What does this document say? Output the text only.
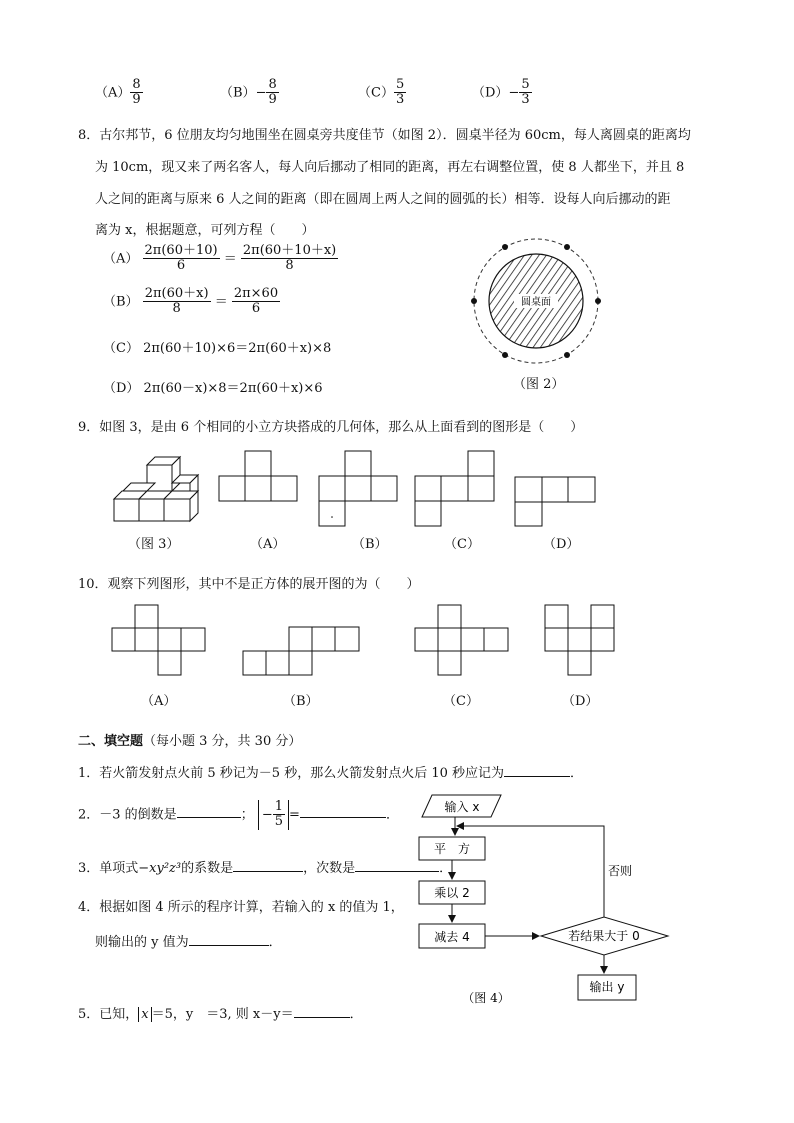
$(A) \frac{8}{9}$	$(B)- \frac{8}{9}$	$(C) \frac{5}{3}$	$(D)- \frac{5}{3}$
8．古尔邦节，6 位朋友均匀地围坐在圆桌旁共度佳节（如图 2）．圆桌半径为 60cm，每人离圆桌的距离均
为 10cm，现又来了两名客人，每人向后挪动了相同的距离，再左右调整位置，使 8 人都坐下，并且 8
人之间的距离与原来 6 人之间的距离（即在圆周上两人之间的圆弧的长）相等．设每人向后挪动的距
离为 x，根据题意，可列方程（　　）
$(A) \frac{2\pi(60+10)}{6} = \frac{2\pi(60+10+x)}{8}$
$(B) \frac{2\pi(60+x)}{8} = \frac{2\pi\times 60}{6}$
（C） 2π(60＋10)×6＝2π(60＋x)×8
（D） 2π(60－x)×8＝2π(60＋x)×6
圆桌面
（图 2）
9．如图 3，是由 6 个相同的小立方块搭成的几何体，那么从上面看到的图形是（　　）
（图 3）	（A）	（B）	（C）	（D）
10．观察下列图形，其中不是正方体的展开图的为（　　）
（A）	（B）	（C）	（D）
二、填空题（每小题 3 分，共 30 分）
1．若火箭发射点火前 5 秒记为－5 秒，那么火箭发射点火后 10 秒应记为	．
2．－3 的倒数是	； − $\frac{1}{5}$ =	．
3．单项式−xy²z³的系数是	，次数是	．
4．根据如图 4 所示的程序计算，若输入的 x 的值为 1，
则输出的 y 值为	．
5．已知， x ＝5，y　＝3, 则 x－y＝	．
输入 x
平　方
乘以 2
减去 4	若结果大于 0
否则
输出 y
（图 4）
